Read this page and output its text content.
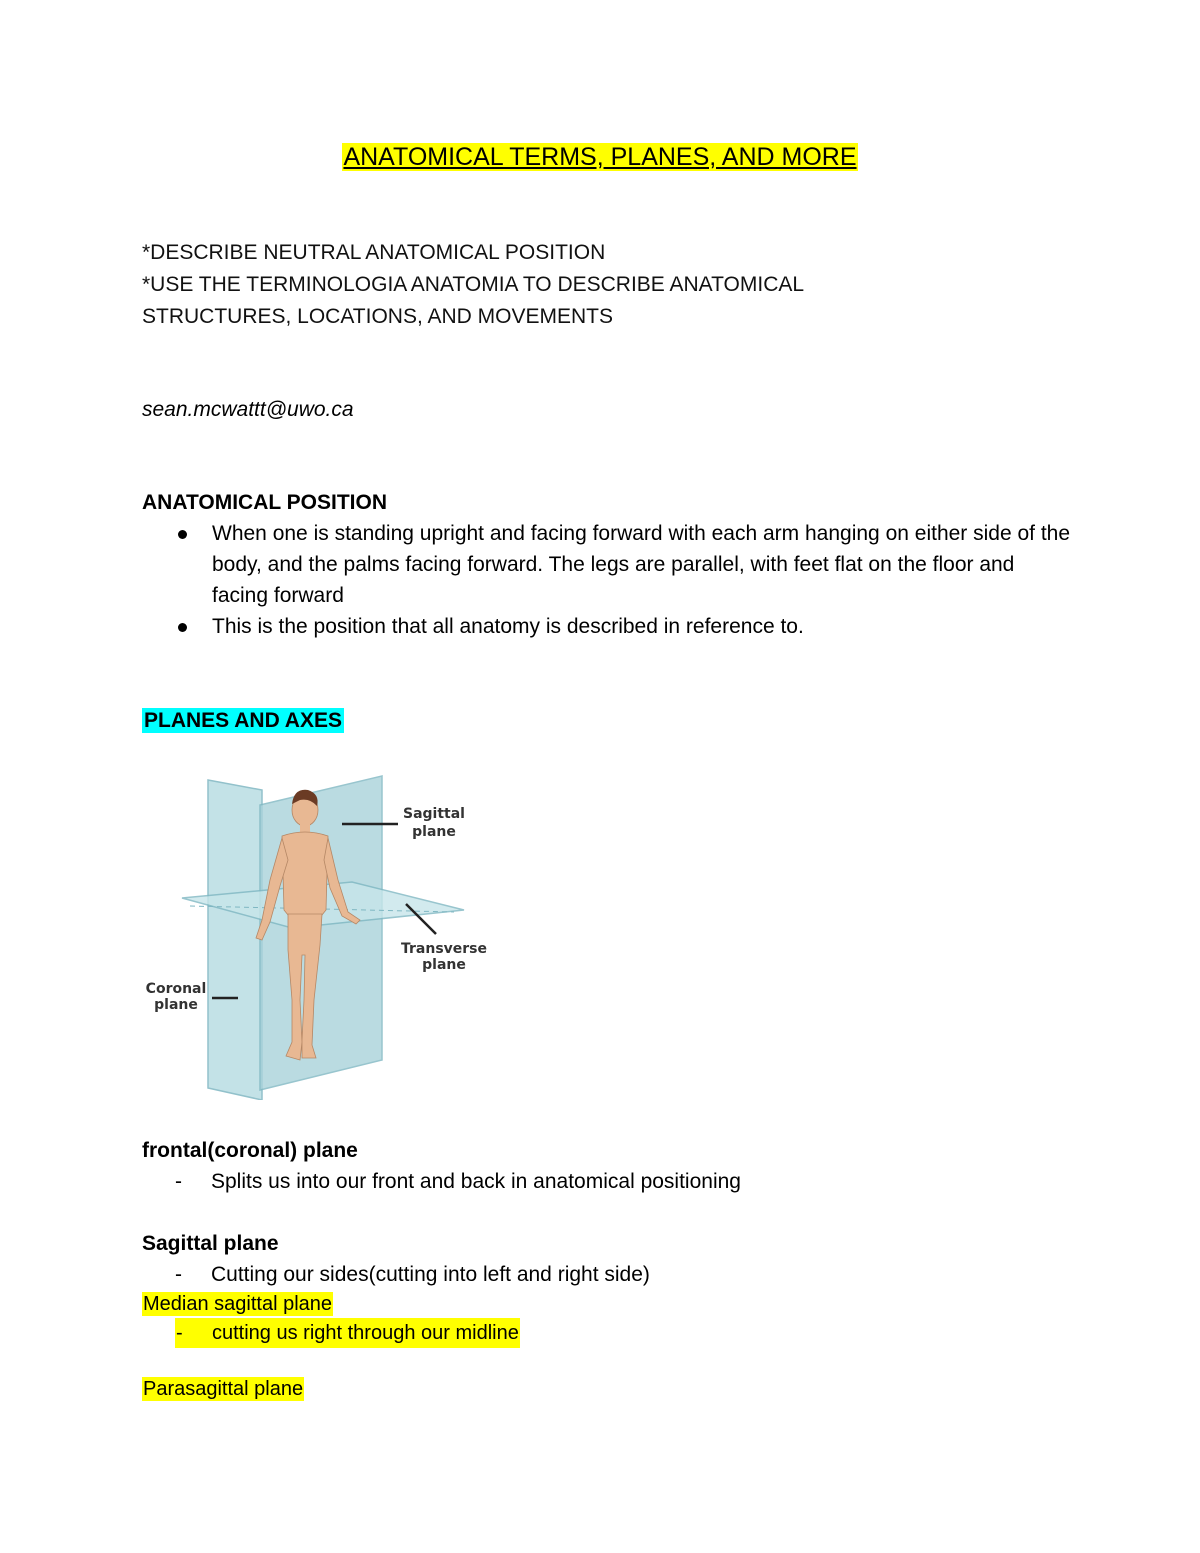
ANATOMICAL TERMS, PLANES, AND MORE
*DESCRIBE NEUTRAL ANATOMICAL POSITION
*USE THE TERMINOLOGIA ANATOMIA TO DESCRIBE ANATOMICAL
STRUCTURES, LOCATIONS, AND MOVEMENTS
sean.mcwattt@uwo.ca
ANATOMICAL POSITION
When one is standing upright and facing forward with each arm hanging on either side of the body, and the palms facing forward. The legs are parallel, with feet flat on the floor and facing forward
This is the position that all anatomy is described in reference to.
PLANES AND AXES
Sagittal
plane
Transverse
plane
Coronal
plane
frontal(coronal) plane
- Splits us into our front and back in anatomical positioning
Sagittal plane
- Cutting our sides(cutting into left and right side)
Median sagittal plane
- cutting us right through our midline
Parasagittal plane
